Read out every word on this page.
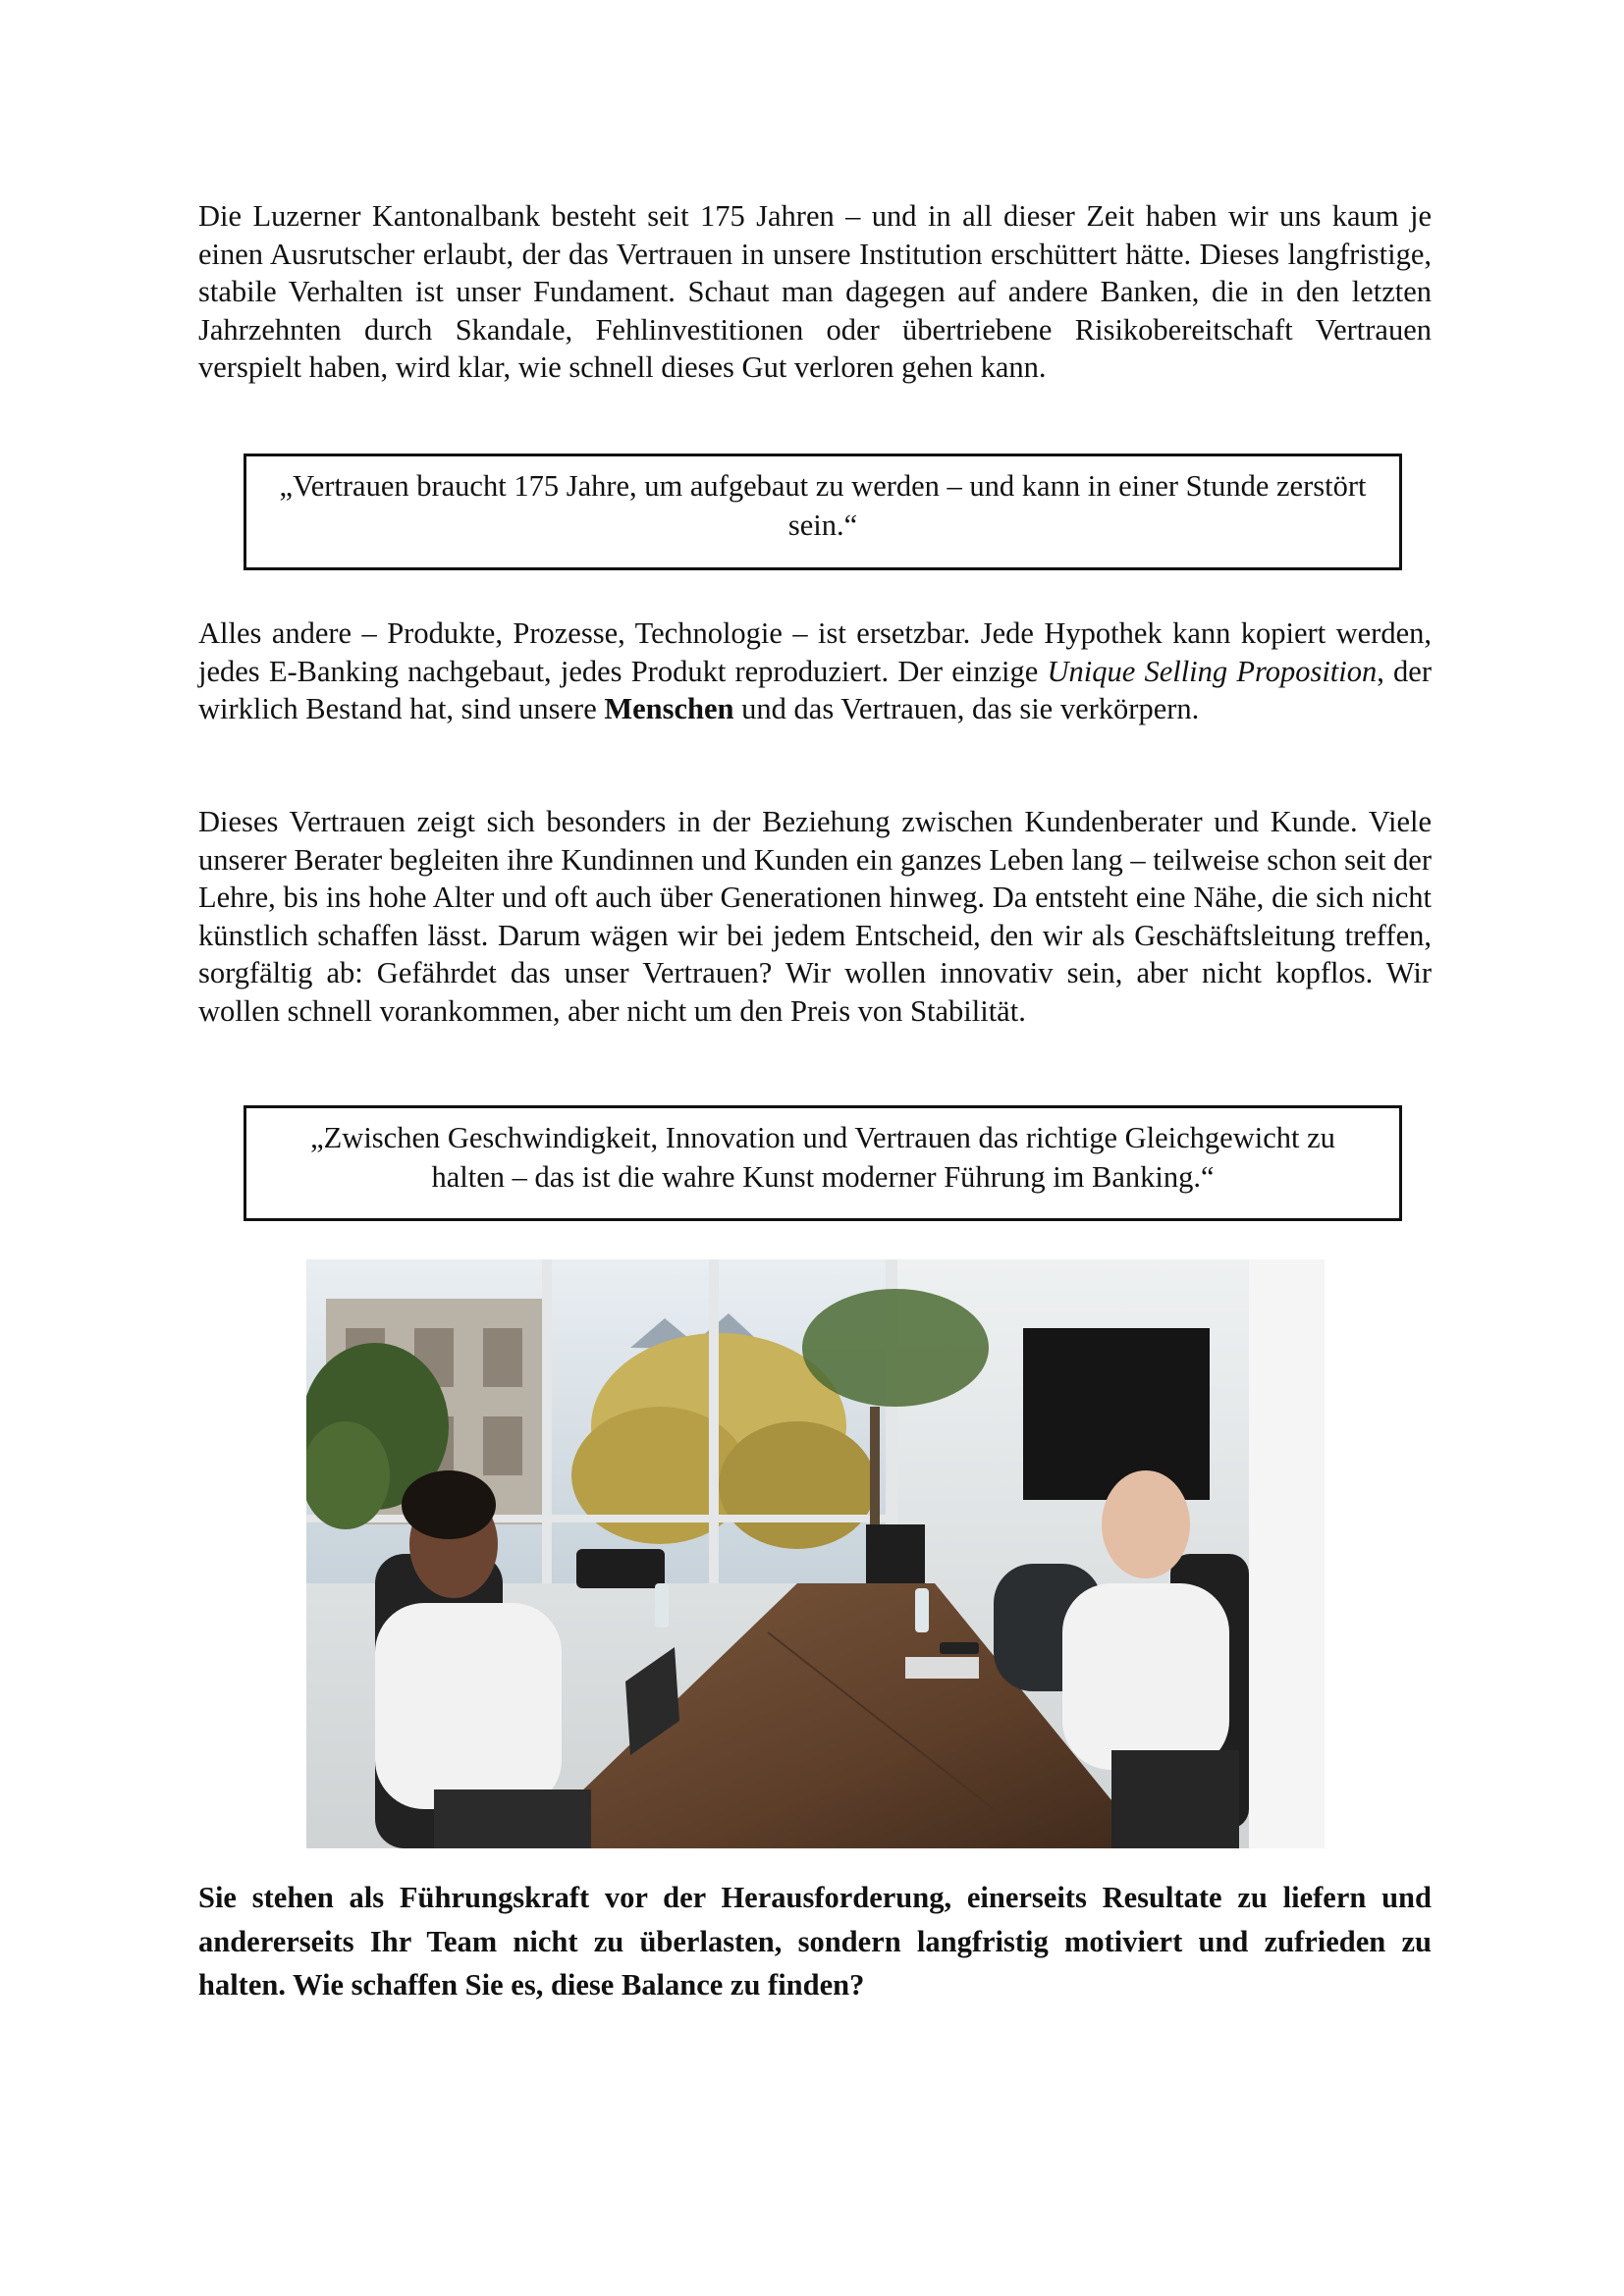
Die Luzerner Kantonalbank besteht seit 175 Jahren – und in all dieser Zeit haben wir uns kaum je einen Ausrutscher erlaubt, der das Vertrauen in unsere Institution erschüttert hätte. Dieses langfristige, stabile Verhalten ist unser Fundament. Schaut man dagegen auf andere Banken, die in den letzten Jahrzehnten durch Skandale, Fehlinvestitionen oder übertriebene Risikobereitschaft Vertrauen verspielt haben, wird klar, wie schnell dieses Gut verloren gehen kann.

„Vertrauen braucht 175 Jahre, um aufgebaut zu werden – und kann in einer Stunde zerstört sein.“

Alles andere – Produkte, Prozesse, Technologie – ist ersetzbar. Jede Hypothek kann kopiert werden, jedes E-Banking nachgebaut, jedes Produkt reproduziert. Der einzige Unique Selling Proposition, der wirklich Bestand hat, sind unsere Menschen und das Vertrauen, das sie verkörpern.

Dieses Vertrauen zeigt sich besonders in der Beziehung zwischen Kundenberater und Kunde. Viele unserer Berater begleiten ihre Kundinnen und Kunden ein ganzes Leben lang – teilweise schon seit der Lehre, bis ins hohe Alter und oft auch über Generationen hinweg. Da entsteht eine Nähe, die sich nicht künstlich schaffen lässt. Darum wägen wir bei jedem Entscheid, den wir als Geschäftsleitung treffen, sorgfältig ab: Gefährdet das unser Vertrauen? Wir wollen innovativ sein, aber nicht kopflos. Wir wollen schnell vorankommen, aber nicht um den Preis von Stabilität.

„Zwischen Geschwindigkeit, Innovation und Vertrauen das richtige Gleichgewicht zu halten – das ist die wahre Kunst moderner Führung im Banking.“

Sie stehen als Führungskraft vor der Herausforderung, einerseits Resultate zu liefern und andererseits Ihr Team nicht zu überlasten, sondern langfristig motiviert und zufrieden zu halten. Wie schaffen Sie es, diese Balance zu finden?
